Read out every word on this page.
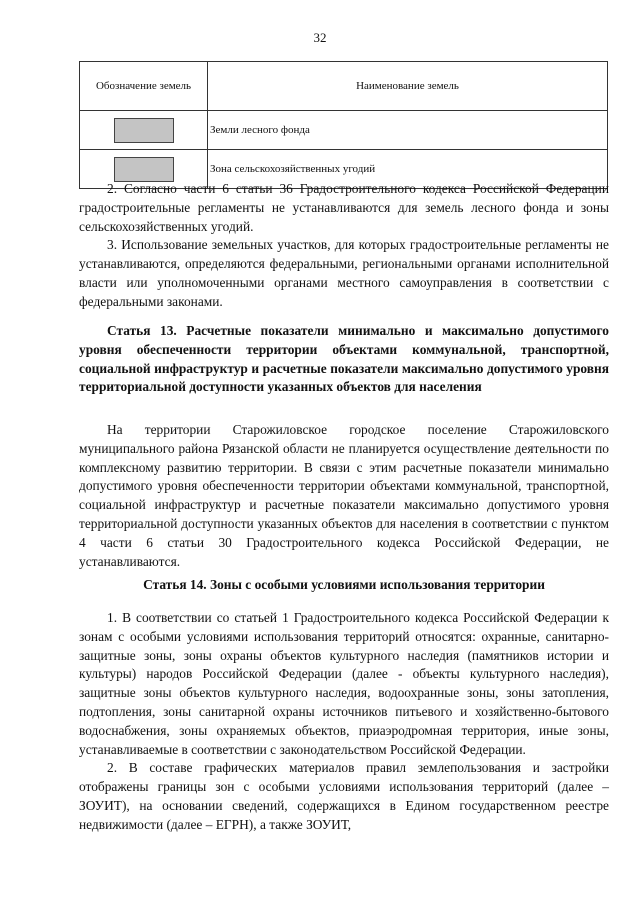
32
Обозначение земель	Наименование земель
	Земли лесного фонда
	Зона сельскохозяйственных угодий

2. Согласно части 6 статьи 36 Градостроительного кодекса Российской Федерации градостроительные регламенты не устанавливаются для земель лесного фонда и зоны сельскохозяйственных угодий.

3. Использование земельных участков, для которых градостроительные регламенты не устанавливаются, определяются федеральными, региональными органами исполнительной власти или уполномоченными органами местного самоуправления в соответствии с федеральными законами.

Статья 13. Расчетные показатели минимально и максимально допустимого уровня обеспеченности территории объектами коммунальной, транспортной, социальной инфраструктур и расчетные показатели максимально допустимого уровня территориальной доступности указанных объектов для населения

На территории Старожиловское городское поселение Старожиловского муниципального района Рязанской области не планируется осуществление деятельности по комплексному развитию территории. В связи с этим расчетные показатели минимально допустимого уровня обеспеченности территории объектами коммунальной, транспортной, социальной инфраструктур и расчетные показатели максимально допустимого уровня территориальной доступности указанных объектов для населения в соответствии с пунктом 4 части 6 статьи 30 Градостроительного кодекса Российской Федерации, не устанавливаются.

Статья 14. Зоны с особыми условиями использования территории

1. В соответствии со статьей 1 Градостроительного кодекса Российской Федерации к зонам с особыми условиями использования территорий относятся: охранные, санитарно-защитные зоны, зоны охраны объектов культурного наследия (памятников истории и культуры) народов Российской Федерации (далее - объекты культурного наследия), защитные зоны объектов культурного наследия, водоохранные зоны, зоны затопления, подтопления, зоны санитарной охраны источников питьевого и хозяйственно-бытового водоснабжения, зоны охраняемых объектов, приаэродромная территория, иные зоны, устанавливаемые в соответствии с законодательством Российской Федерации.

2. В составе графических материалов правил землепользования и застройки отображены границы зон с особыми условиями использования территорий (далее – ЗОУИТ), на основании сведений, содержащихся в Едином государственном реестре недвижимости (далее – ЕГРН), а также ЗОУИТ,
